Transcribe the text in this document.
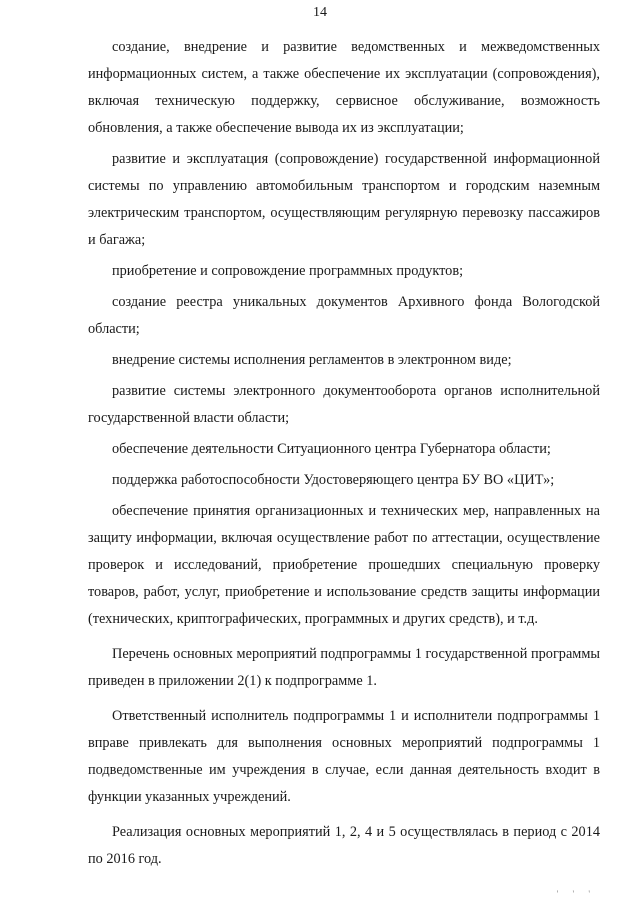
14

создание, внедрение и развитие ведомственных и межведомственных информационных систем, а также обеспечение их эксплуатации (сопровождения), включая техническую поддержку, сервисное обслуживание, возможность обновления, а также обеспечение вывода их из эксплуатации;

развитие и эксплуатация (сопровождение) государственной информационной системы по управлению автомобильным транспортом и городским наземным электрическим транспортом, осуществляющим регулярную перевозку пассажиров и багажа;

приобретение и сопровождение программных продуктов;

создание реестра уникальных документов Архивного фонда Вологодской области;

внедрение системы исполнения регламентов в электронном виде;

развитие системы электронного документооборота органов исполнительной государственной власти области;

обеспечение деятельности Ситуационного центра Губернатора области;

поддержка работоспособности Удостоверяющего центра БУ ВО «ЦИТ»;

обеспечение принятия организационных и технических мер, направленных на защиту информации, включая осуществление работ по аттестации, осуществление проверок и исследований, приобретение прошедших специальную проверку товаров, работ, услуг, приобретение и использование средств защиты информации (технических, криптографических, программных и других средств), и т.д.

Перечень основных мероприятий подпрограммы 1 государственной программы приведен в приложении 2(1) к подпрограмме 1.

Ответственный исполнитель подпрограммы 1 и исполнители подпрограммы 1 вправе привлекать для выполнения основных мероприятий подпрограммы 1 подведомственные им учреждения в случае, если данная деятельность входит в функции указанных учреждений.

Реализация основных мероприятий 1, 2, 4 и 5 осуществлялась в период с 2014 по 2016 год.

' ' '
